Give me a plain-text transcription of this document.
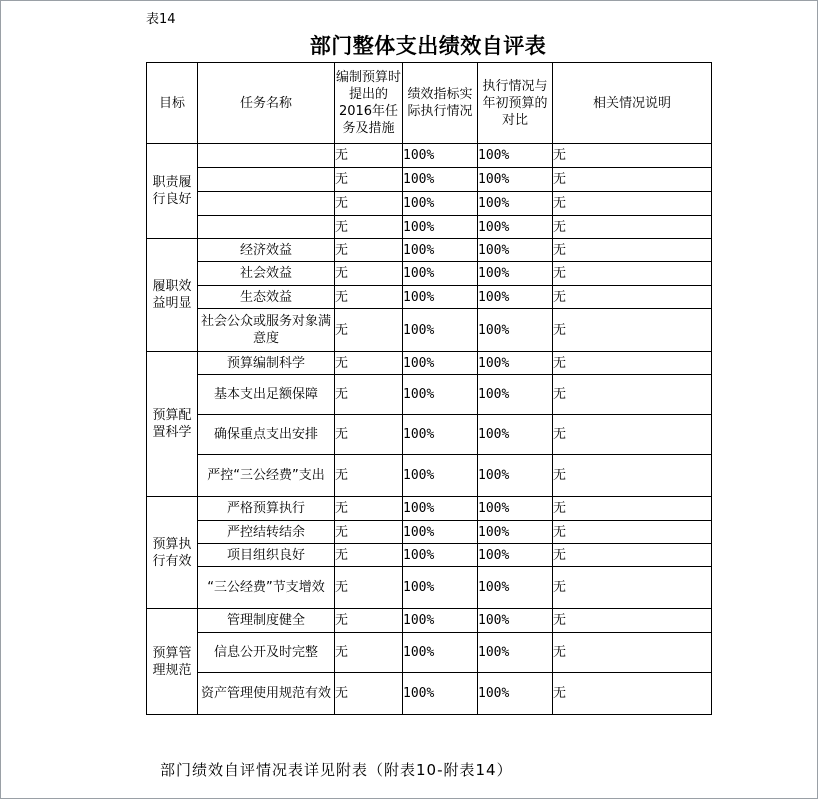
表14
部门整体支出绩效自评表
目标	任务名称	编制预算时提出的2016年任务及措施	绩效指标实际执行情况	执行情况与年初预算的对比	相关情况说明
职责履行良好		无	100%	100%	无
		无	100%	100%	无
		无	100%	100%	无
		无	100%	100%	无
履职效益明显	经济效益	无	100%	100%	无
	社会效益	无	100%	100%	无
	生态效益	无	100%	100%	无
	社会公众或服务对象满意度	无	100%	100%	无
预算配置科学	预算编制科学	无	100%	100%	无
	基本支出足额保障	无	100%	100%	无
	确保重点支出安排	无	100%	100%	无
	严控“三公经费”支出	无	100%	100%	无
预算执行有效	严格预算执行	无	100%	100%	无
	严控结转结余	无	100%	100%	无
	项目组织良好	无	100%	100%	无
	“三公经费”节支增效	无	100%	100%	无
预算管理规范	管理制度健全	无	100%	100%	无
	信息公开及时完整	无	100%	100%	无
	资产管理使用规范有效	无	100%	100%	无
部门绩效自评情况表详见附表（附表10-附表14）
